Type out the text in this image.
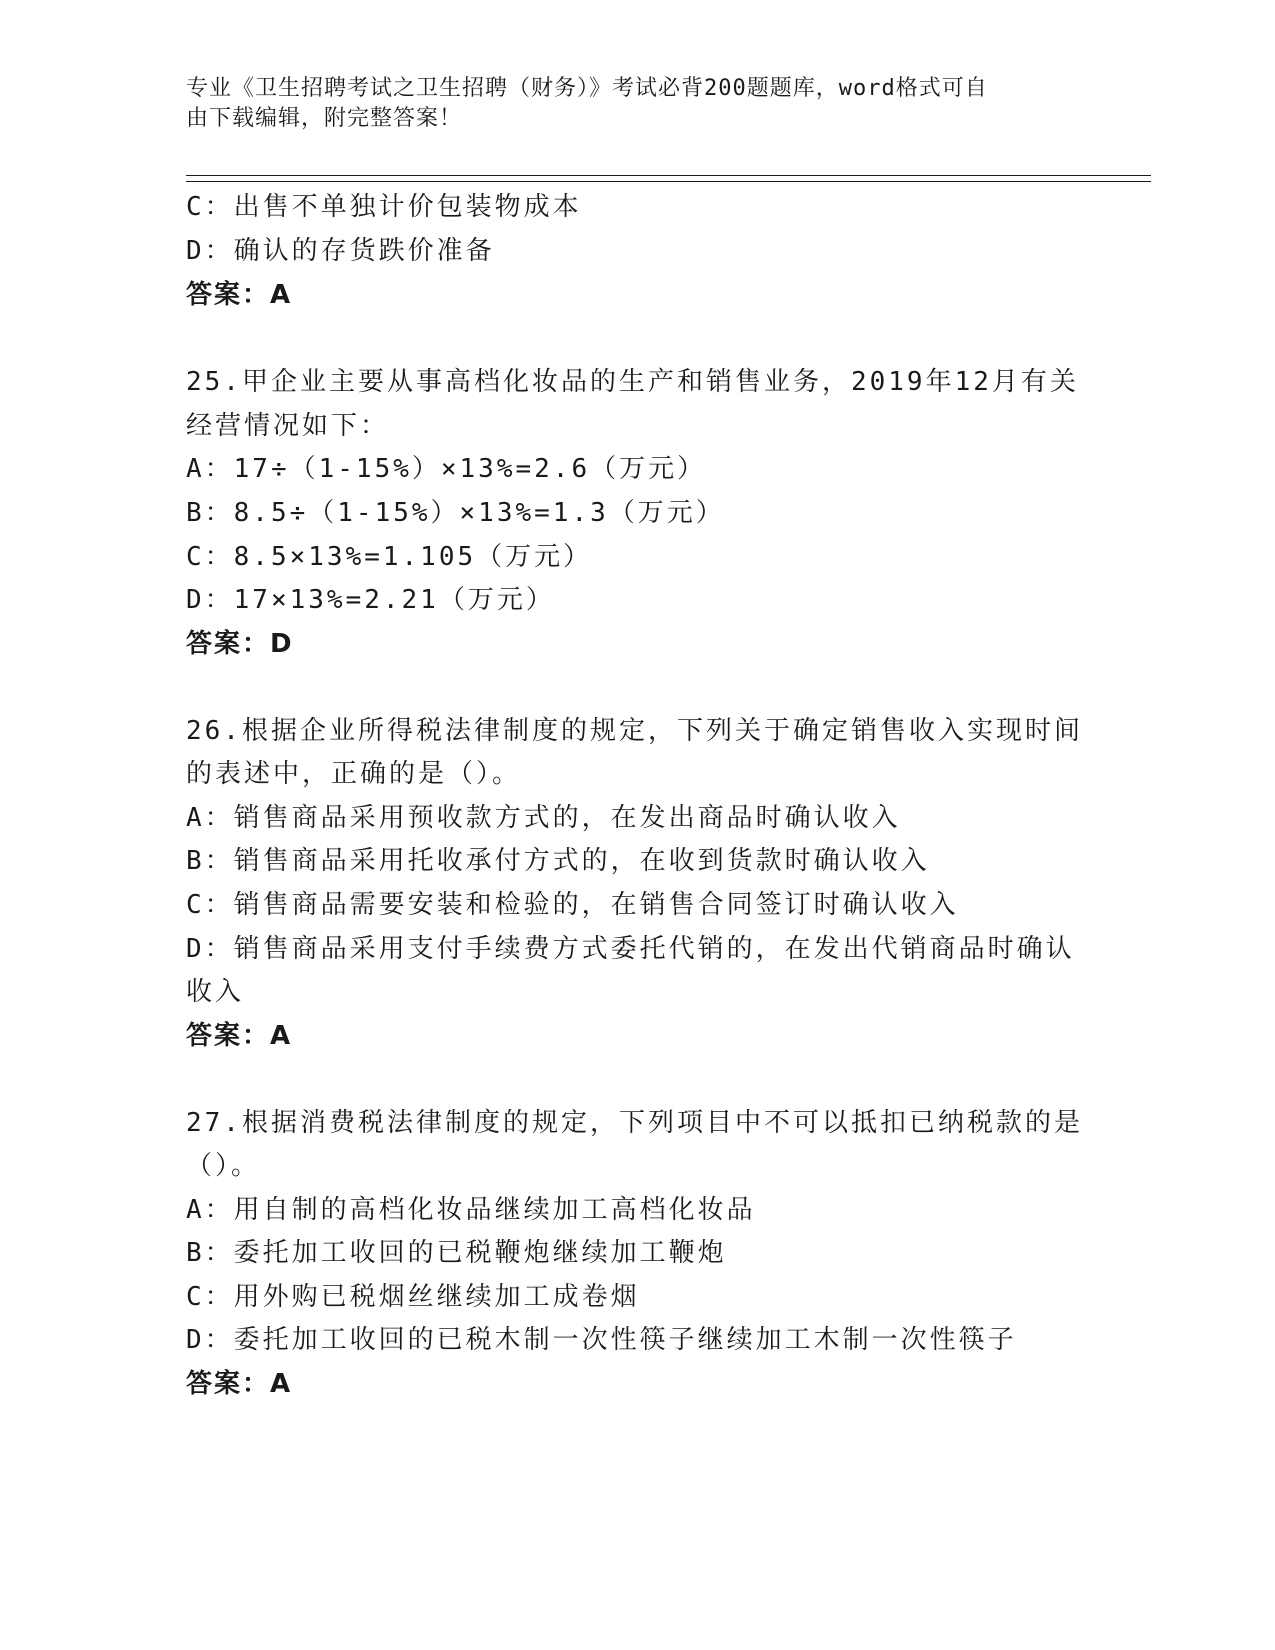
专业《卫生招聘考试之卫生招聘（财务）》考试必背200题题库，word格式可自
由下载编辑，附完整答案！
C：出售不单独计价包装物成本
D：确认的存货跌价准备
答案：A
25.甲企业主要从事高档化妆品的生产和销售业务，2019年12月有关
经营情况如下：
A：17÷（1-15%）×13%=2.6（万元）
B：8.5÷（1-15%）×13%=1.3（万元）
C：8.5×13%=1.105（万元）
D：17×13%=2.21（万元）
答案：D
26.根据企业所得税法律制度的规定，下列关于确定销售收入实现时间
的表述中，正确的是（）。
A：销售商品采用预收款方式的，在发出商品时确认收入
B：销售商品采用托收承付方式的，在收到货款时确认收入
C：销售商品需要安装和检验的，在销售合同签订时确认收入
D：销售商品采用支付手续费方式委托代销的，在发出代销商品时确认
收入
答案：A
27.根据消费税法律制度的规定，下列项目中不可以抵扣已纳税款的是
（）。
A：用自制的高档化妆品继续加工高档化妆品
B：委托加工收回的已税鞭炮继续加工鞭炮
C：用外购已税烟丝继续加工成卷烟
D：委托加工收回的已税木制一次性筷子继续加工木制一次性筷子
答案：A
